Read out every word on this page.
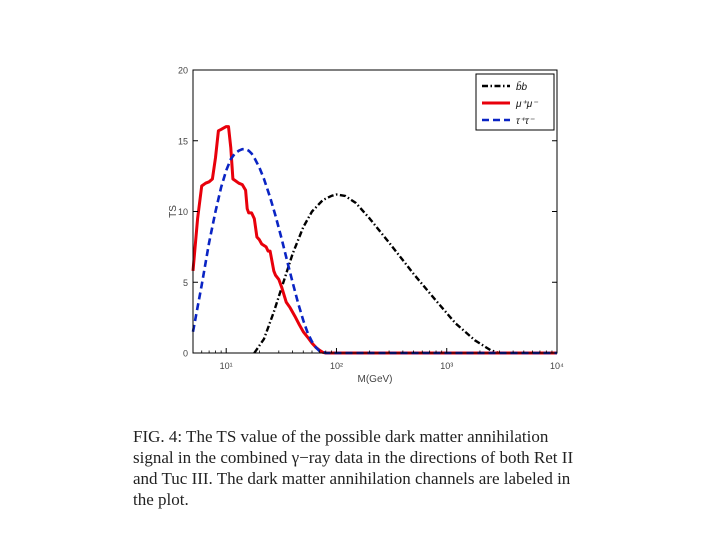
10¹	10²	10³	10⁴
0
5
10
15
20
M(GeV)
TS
b̄b
μ⁺μ⁻
τ⁺τ⁻
FIG. 4: The TS value of the possible dark matter annihilation signal in the combined γ−ray data in the directions of both Ret II and Tuc III. The dark matter annihilation channels are labeled in the plot.
